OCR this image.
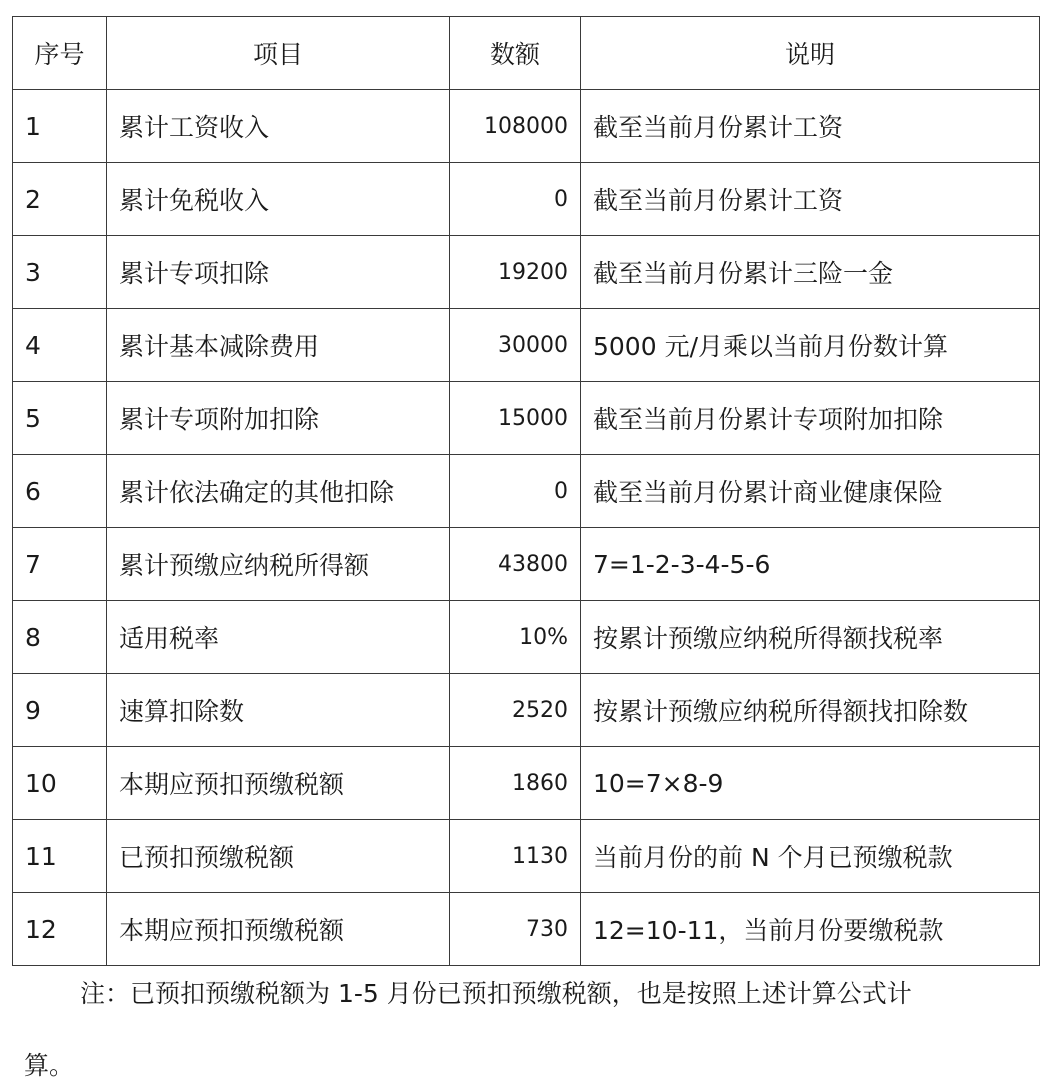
序号	项目	数额	说明
1	累计工资收入	108000	截至当前月份累计工资
2	累计免税收入	0	截至当前月份累计工资
3	累计专项扣除	19200	截至当前月份累计三险一金
4	累计基本减除费用	30000	5000 元/月乘以当前月份数计算
5	累计专项附加扣除	15000	截至当前月份累计专项附加扣除
6	累计依法确定的其他扣除	0	截至当前月份累计商业健康保险
7	累计预缴应纳税所得额	43800	7=1-2-3-4-5-6
8	适用税率	10%	按累计预缴应纳税所得额找税率
9	速算扣除数	2520	按累计预缴应纳税所得额找扣除数
10	本期应预扣预缴税额	1860	10=7×8-9
11	已预扣预缴税额	1130	当前月份的前 N 个月已预缴税款
12	本期应预扣预缴税额	730	12=10-11，当前月份要缴税款
注：已预扣预缴税额为 1-5 月份已预扣预缴税额，也是按照上述计算公式计
算。
